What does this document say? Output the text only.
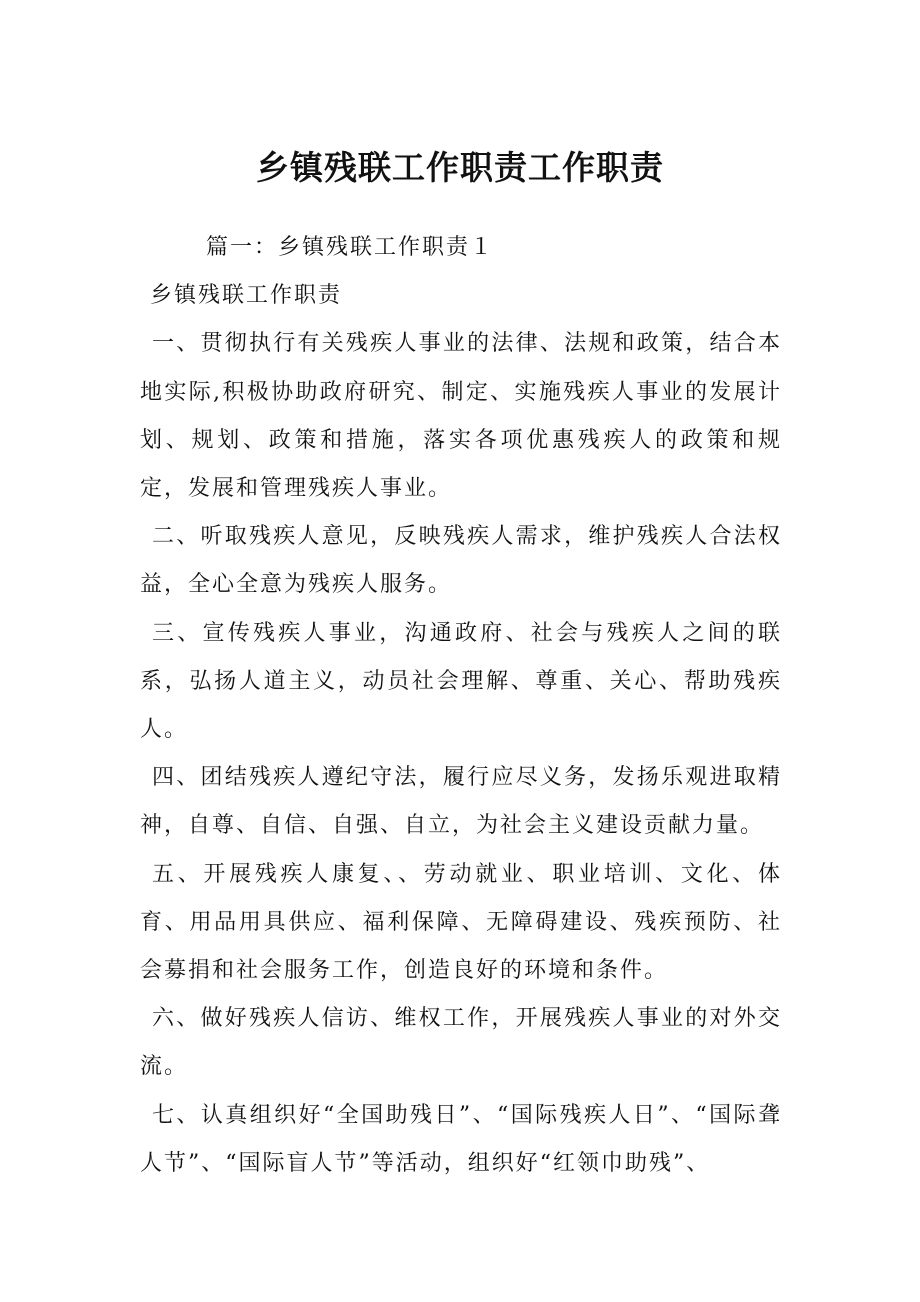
乡镇残联工作职责工作职责

篇一：乡镇残联工作职责１

乡镇残联工作职责

一、贯彻执行有关残疾人事业的法律、法规和政策，结合本地实际,积极协助政府研究、制定、实施残疾人事业的发展计划、规划、政策和措施，落实各项优惠残疾人的政策和规定，发展和管理残疾人事业。

二、听取残疾人意见，反映残疾人需求，维护残疾人合法权益，全心全意为残疾人服务。

三、宣传残疾人事业，沟通政府、社会与残疾人之间的联系，弘扬人道主义，动员社会理解、尊重、关心、帮助残疾人。

四、团结残疾人遵纪守法，履行应尽义务，发扬乐观进取精神，自尊、自信、自强、自立，为社会主义建设贡献力量。

五、开展残疾人康复、、劳动就业、职业培训、文化、体育、用品用具供应、福利保障、无障碍建设、残疾预防、社会募捐和社会服务工作，创造良好的环境和条件。

六、做好残疾人信访、维权工作，开展残疾人事业的对外交流。

七、认真组织好“全国助残日”、“国际残疾人日”、“国际聋人节”、“国际盲人节”等活动，组织好“红领巾助残”、
